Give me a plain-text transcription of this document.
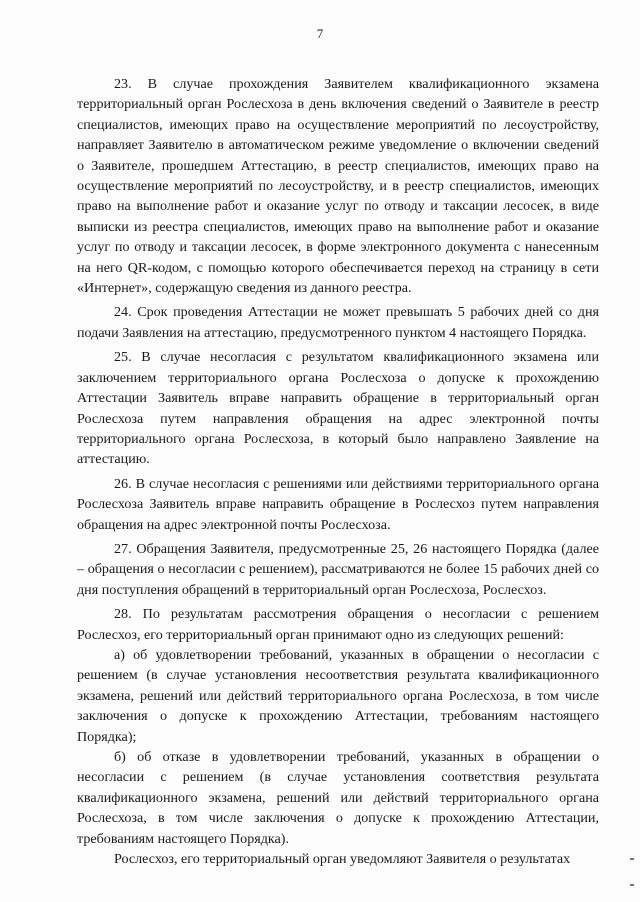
7

23. В случае прохождения Заявителем квалификационного экзамена территориальный орган Рослесхоза в день включения сведений о Заявителе в реестр специалистов, имеющих право на осуществление мероприятий по лесоустройству, направляет Заявителю в автоматическом режиме уведомление о включении сведений о Заявителе, прошедшем Аттестацию, в реестр специалистов, имеющих право на осуществление мероприятий по лесоустройству, и в реестр специалистов, имеющих право на выполнение работ и оказание услуг по отводу и таксации лесосек, в виде выписки из реестра специалистов, имеющих право на выполнение работ и оказание услуг по отводу и таксации лесосек, в форме электронного документа с нанесенным на него QR-кодом, с помощью которого обеспечивается переход на страницу в сети «Интернет», содержащую сведения из данного реестра.

24. Срок проведения Аттестации не может превышать 5 рабочих дней со дня подачи Заявления на аттестацию, предусмотренного пунктом 4 настоящего Порядка.

25. В случае несогласия с результатом квалификационного экзамена или заключением территориального органа Рослесхоза о допуске к прохождению Аттестации Заявитель вправе направить обращение в территориальный орган Рослесхоза путем направления обращения на адрес электронной почты территориального органа Рослесхоза, в который было направлено Заявление на аттестацию.

26. В случае несогласия с решениями или действиями территориального органа Рослесхоза Заявитель вправе направить обращение в Рослесхоз путем направления обращения на адрес электронной почты Рослесхоза.

27. Обращения Заявителя, предусмотренные 25, 26 настоящего Порядка (далее – обращения о несогласии с решением), рассматриваются не более 15 рабочих дней со дня поступления обращений в территориальный орган Рослесхоза, Рослесхоз.

28. По результатам рассмотрения обращения о несогласии с решением Рослесхоз, его территориальный орган принимают одно из следующих решений:

а) об удовлетворении требований, указанных в обращении о несогласии с решением (в случае установления несоответствия результата квалификационного экзамена, решений или действий территориального органа Рослесхоза, в том числе заключения о допуске к прохождению Аттестации, требованиям настоящего Порядка);

б) об отказе в удовлетворении требований, указанных в обращении о несогласии с решением (в случае установления соответствия результата квалификационного экзамена, решений или действий территориального органа Рослесхоза, в том числе заключения о допуске к прохождению Аттестации, требованиям настоящего Порядка).

Рослесхоз, его территориальный орган уведомляют Заявителя о результатах
